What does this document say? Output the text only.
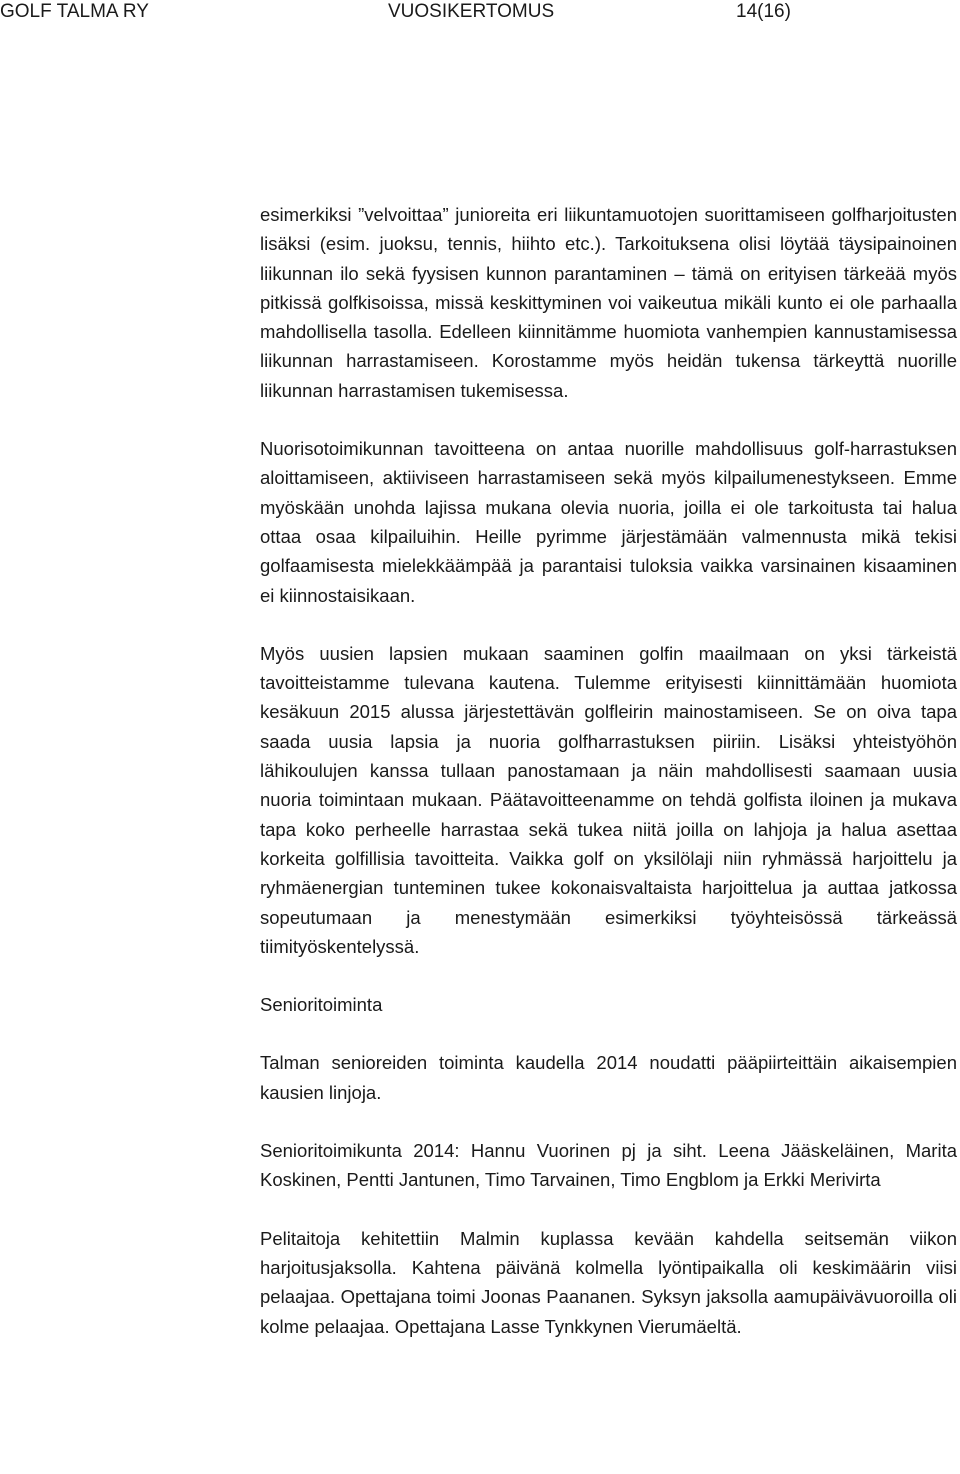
GOLF TALMA RY	VUOSIKERTOMUS	14(16)

esimerkiksi ”velvoittaa” junioreita eri liikuntamuotojen suorittamiseen golfharjoitusten lisäksi (esim. juoksu, tennis, hiihto etc.). Tarkoituksena olisi löytää täysipainoinen liikunnan ilo sekä fyysisen kunnon parantaminen – tämä on erityisen tärkeää myös pitkissä golfkisoissa, missä keskittyminen voi vaikeutua mikäli kunto ei ole parhaalla mahdollisella tasolla. Edelleen kiinnitämme huomiota vanhempien kannustamisessa liikunnan harrastamiseen. Korostamme myös heidän tukensa tärkeyttä nuorille liikunnan harrastamisen tukemisessa.

Nuorisotoimikunnan tavoitteena on antaa nuorille mahdollisuus golf-harrastuksen aloittamiseen, aktiiviseen harrastamiseen sekä myös kilpailumenestykseen. Emme myöskään unohda lajissa mukana olevia nuoria, joilla ei ole tarkoitusta tai halua ottaa osaa kilpailuihin. Heille pyrimme järjestämään valmennusta mikä tekisi golfaamisesta mielekkäämpää ja parantaisi tuloksia vaikka varsinainen kisaaminen ei kiinnostaisikaan.

Myös uusien lapsien mukaan saaminen golfin maailmaan on yksi tärkeistä tavoitteistamme tulevana kautena. Tulemme erityisesti kiinnittämään huomiota kesäkuun 2015 alussa järjestettävän golfleirin mainostamiseen. Se on oiva tapa saada uusia lapsia ja nuoria golfharrastuksen piiriin. Lisäksi yhteistyöhön lähikoulujen kanssa tullaan panostamaan ja näin mahdollisesti saamaan uusia nuoria toimintaan mukaan. Päätavoitteenamme on tehdä golfista iloinen ja mukava tapa koko perheelle harrastaa sekä tukea niitä joilla on lahjoja ja halua asettaa korkeita golfillisia tavoitteita. Vaikka golf on yksilölaji niin ryhmässä harjoittelu ja ryhmäenergian tunteminen tukee kokonaisvaltaista harjoittelua ja auttaa jatkossa sopeutumaan ja menestymään esimerkiksi työyhteisössä tärkeässä tiimityöskentelyssä.

Senioritoiminta

Talman senioreiden toiminta kaudella 2014 noudatti pääpiirteittäin aikaisempien kausien linjoja.

Senioritoimikunta 2014: Hannu Vuorinen pj ja siht. Leena Jääskeläinen, Marita Koskinen, Pentti Jantunen, Timo Tarvainen, Timo Engblom ja Erkki Merivirta

Pelitaitoja kehitettiin Malmin kuplassa kevään kahdella seitsemän viikon harjoitusjaksolla. Kahtena päivänä kolmella lyöntipaikalla oli keskimäärin viisi pelaajaa. Opettajana toimi Joonas Paananen. Syksyn jaksolla aamupäivävuoroilla oli kolme pelaajaa. Opettajana Lasse Tynkkynen Vierumäeltä.
